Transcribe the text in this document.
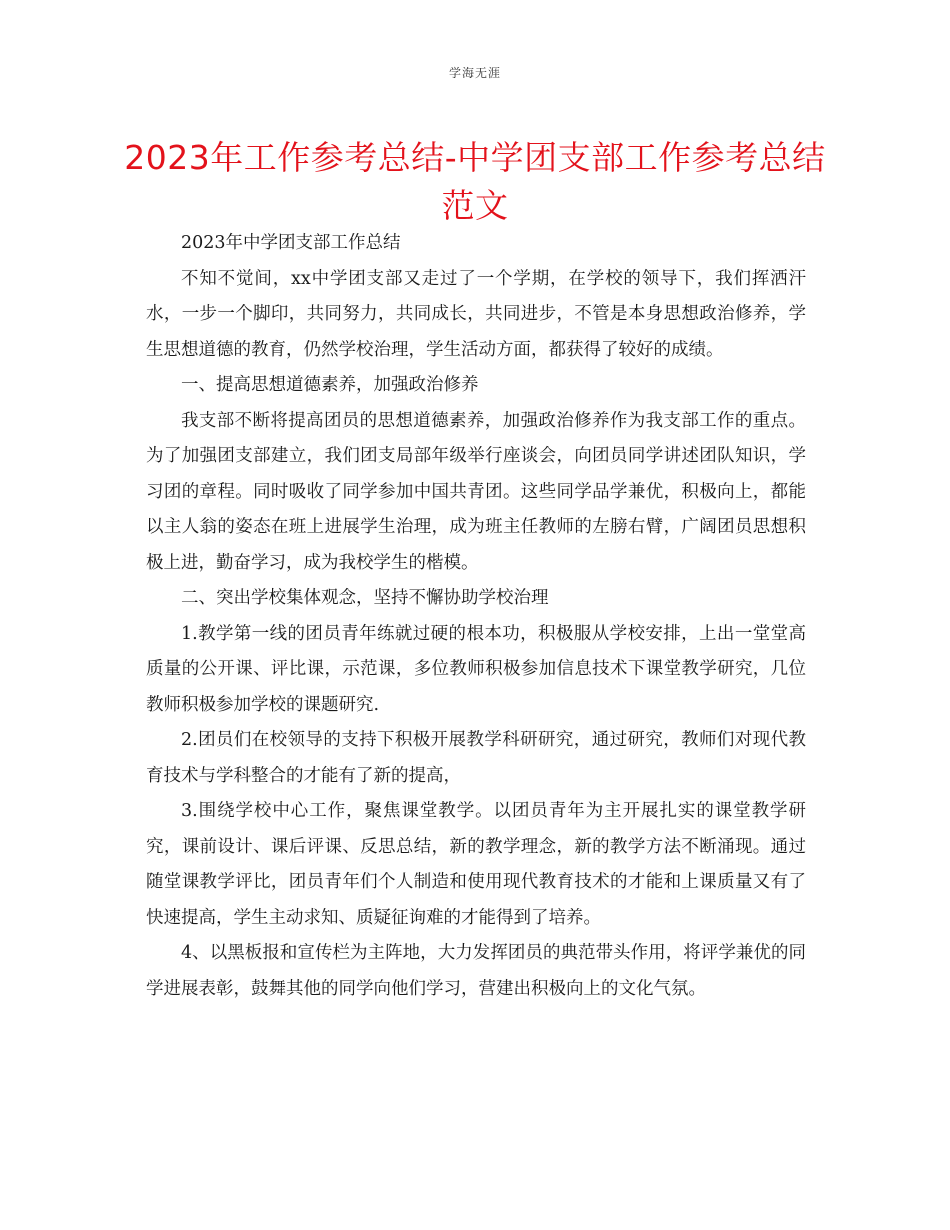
学海无涯
2023年工作参考总结-中学团支部工作参考总结范文

2023年中学团支部工作总结

不知不觉间，xx中学团支部又走过了一个学期，在学校的领导下，我们挥洒汗水，一步一个脚印，共同努力，共同成长，共同进步，不管是本身思想政治修养，学生思想道德的教育，仍然学校治理，学生活动方面，都获得了较好的成绩。

一、提高思想道德素养，加强政治修养

我支部不断将提高团员的思想道德素养，加强政治修养作为我支部工作的重点。为了加强团支部建立，我们团支局部年级举行座谈会，向团员同学讲述团队知识，学习团的章程。同时吸收了同学参加中国共青团。这些同学品学兼优，积极向上，都能以主人翁的姿态在班上进展学生治理，成为班主任教师的左膀右臂，广阔团员思想积极上进，勤奋学习，成为我校学生的楷模。

二、突出学校集体观念，坚持不懈协助学校治理

1.教学第一线的团员青年练就过硬的根本功，积极服从学校安排，上出一堂堂高质量的公开课、评比课，示范课，多位教师积极参加信息技术下课堂教学研究，几位教师积极参加学校的课题研究.

2.团员们在校领导的支持下积极开展教学科研研究，通过研究，教师们对现代教育技术与学科整合的才能有了新的提高，

3.围绕学校中心工作，聚焦课堂教学。以团员青年为主开展扎实的课堂教学研究，课前设计、课后评课、反思总结，新的教学理念，新的教学方法不断涌现。通过随堂课教学评比，团员青年们个人制造和使用现代教育技术的才能和上课质量又有了快速提高，学生主动求知、质疑征询难的才能得到了培养。

4、以黑板报和宣传栏为主阵地，大力发挥团员的典范带头作用，将评学兼优的同学进展表彰，鼓舞其他的同学向他们学习，营建出积极向上的文化气氛。
